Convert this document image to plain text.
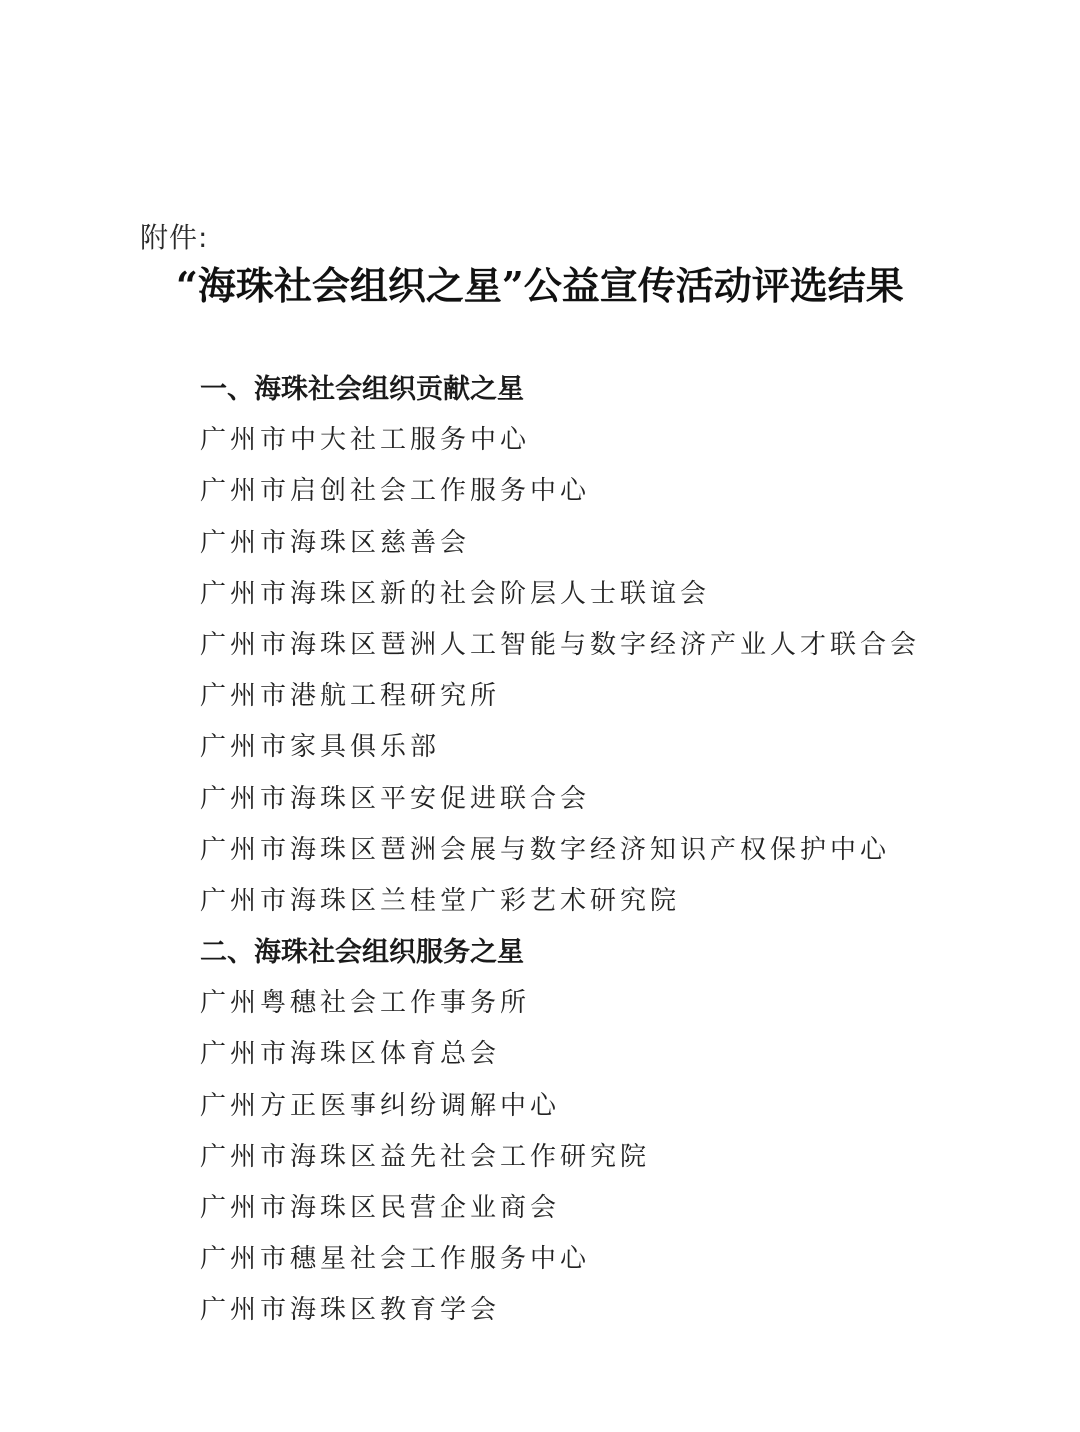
附件:
“海珠社会组织之星”公益宣传活动评选结果
一、海珠社会组织贡献之星
广州市中大社工服务中心
广州市启创社会工作服务中心
广州市海珠区慈善会
广州市海珠区新的社会阶层人士联谊会
广州市海珠区琶洲人工智能与数字经济产业人才联合会
广州市港航工程研究所
广州市家具俱乐部
广州市海珠区平安促进联合会
广州市海珠区琶洲会展与数字经济知识产权保护中心
广州市海珠区兰桂堂广彩艺术研究院
二、海珠社会组织服务之星
广州粤穗社会工作事务所
广州市海珠区体育总会
广州方正医事纠纷调解中心
广州市海珠区益先社会工作研究院
广州市海珠区民营企业商会
广州市穗星社会工作服务中心
广州市海珠区教育学会
